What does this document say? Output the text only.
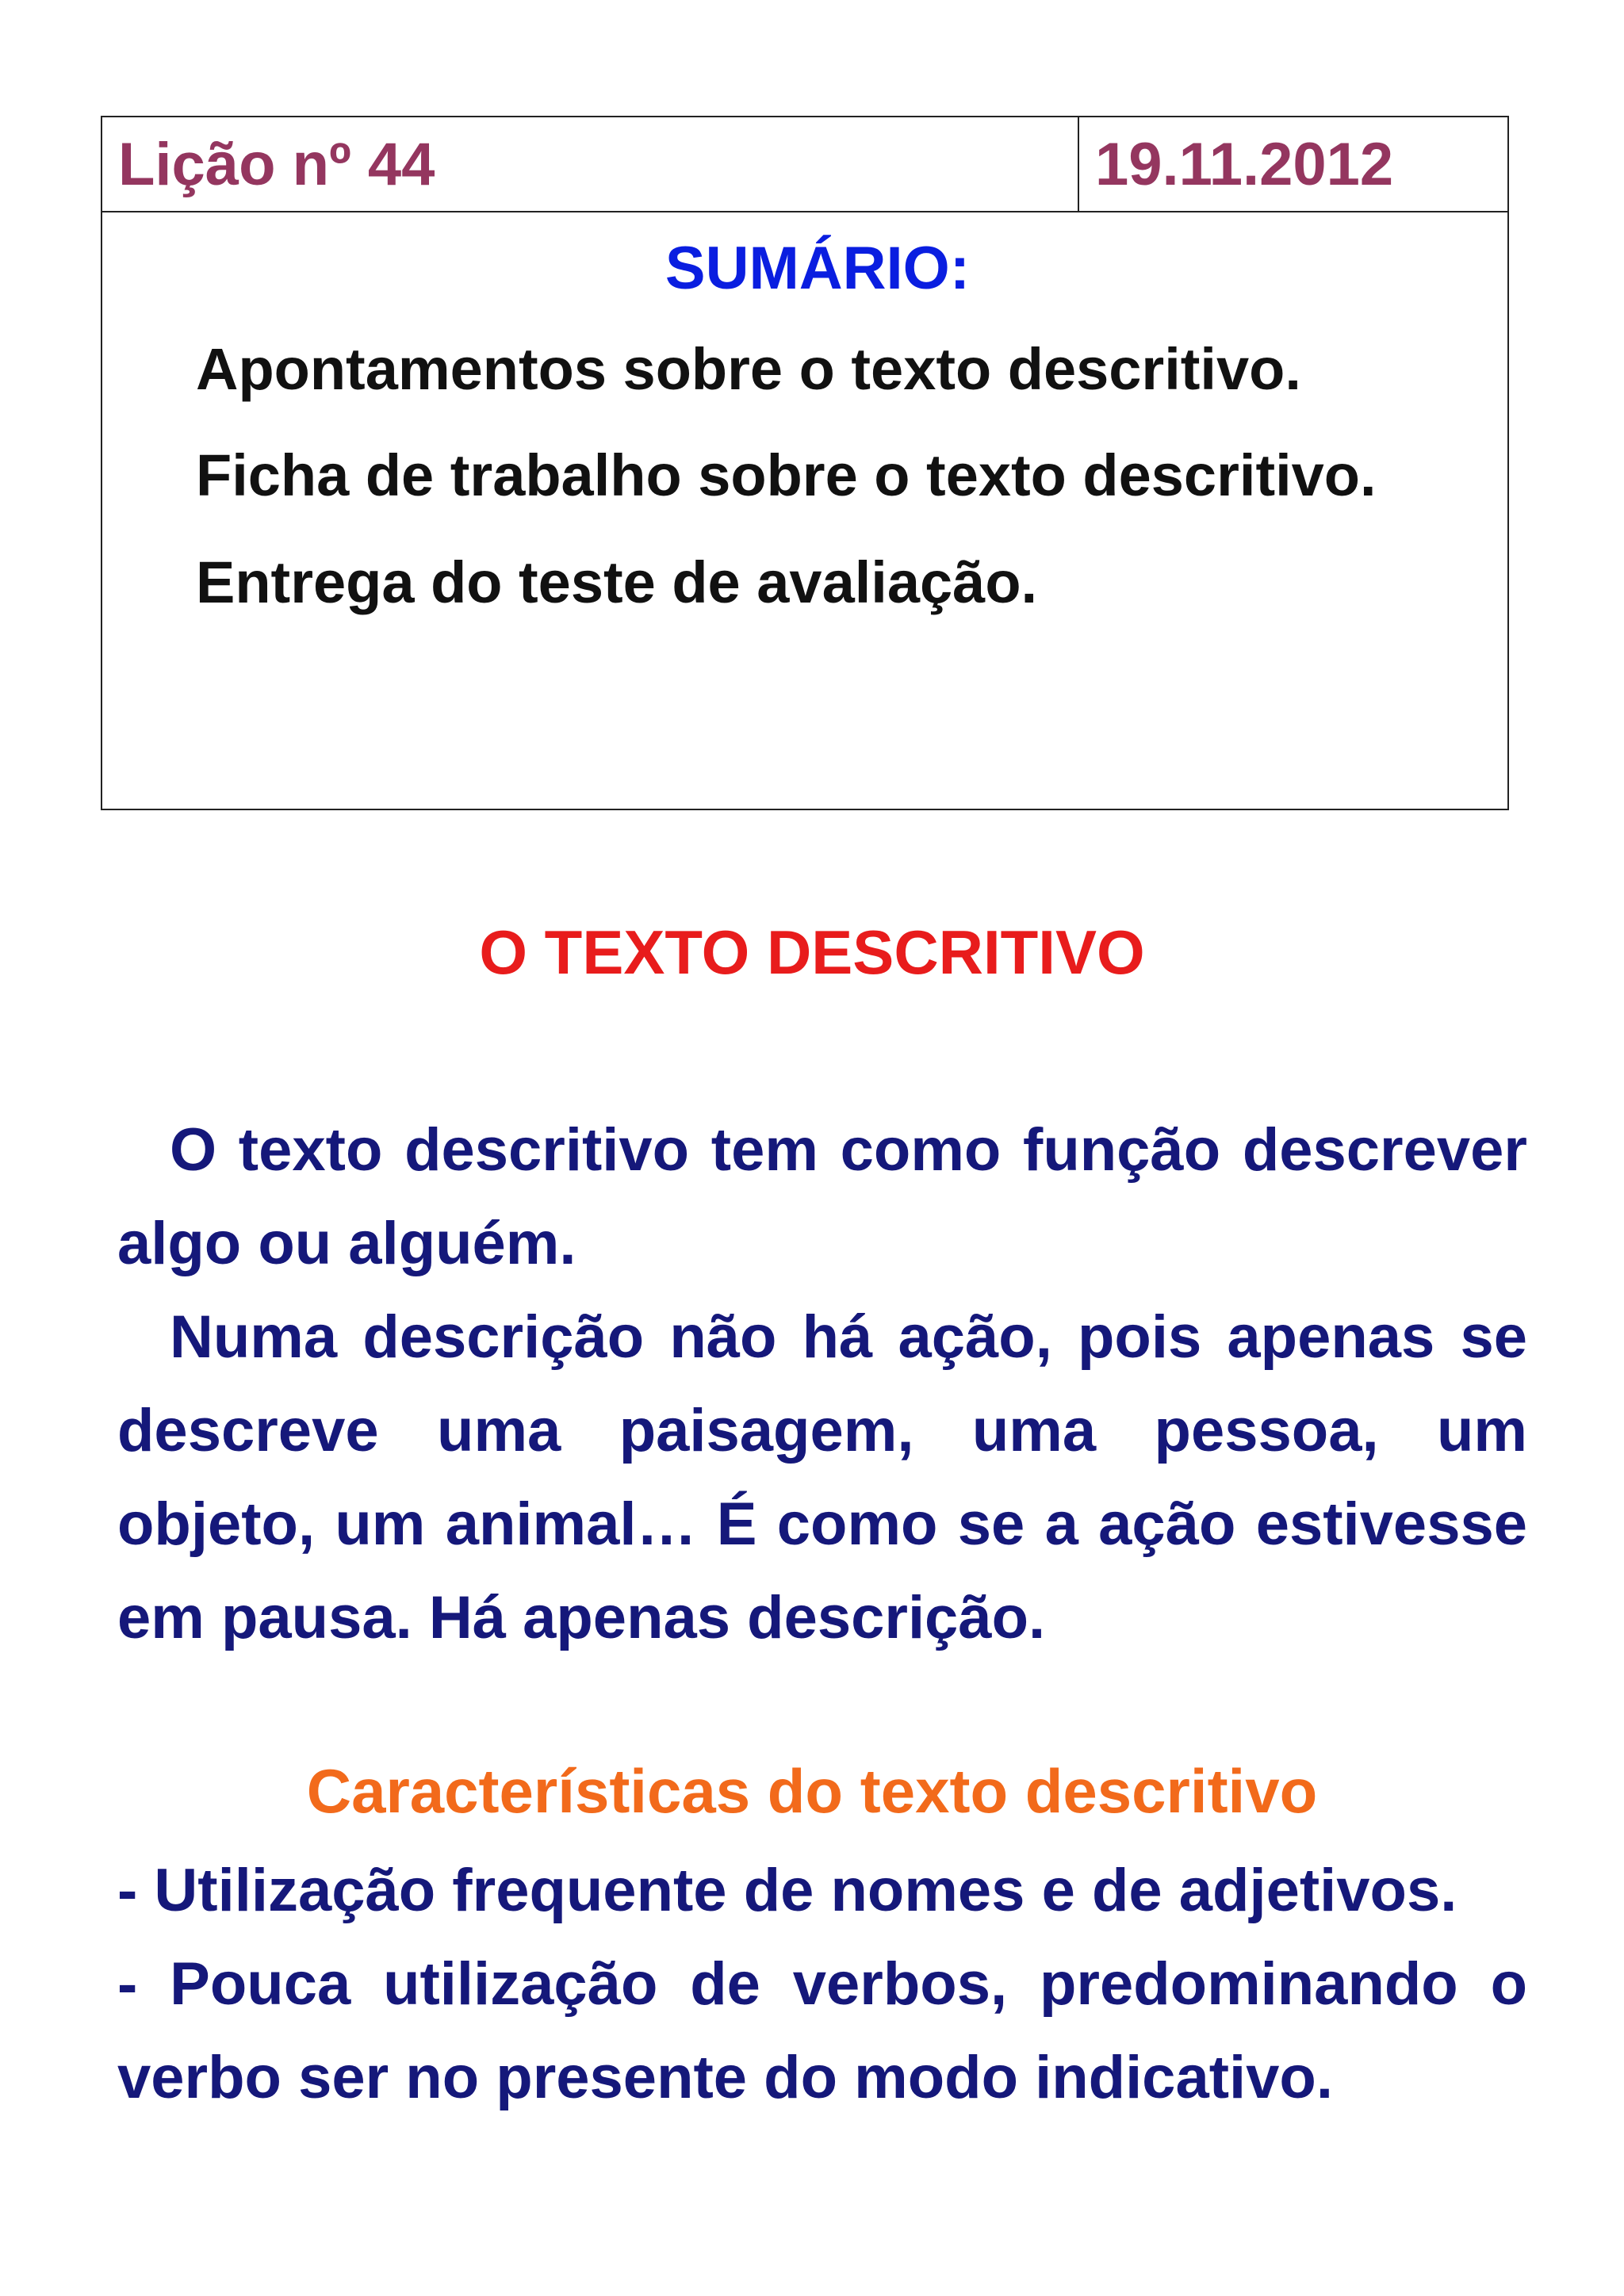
Lição nº 44	19.11.2012

SUMÁRIO:

Apontamentos sobre o texto descritivo.

Ficha de trabalho sobre o texto descritivo.

Entrega do teste de avaliação.

O TEXTO DESCRITIVO

O texto descritivo tem como função descrever algo ou alguém.

Numa descrição não há ação, pois apenas se descreve uma paisagem, uma pessoa, um objeto, um animal… É como se a ação estivesse em pausa. Há apenas descrição.

Características do texto descritivo

- Utilização frequente de nomes e de adjetivos.

- Pouca utilização de verbos, predominando o verbo ser no presente do modo indicativo.
